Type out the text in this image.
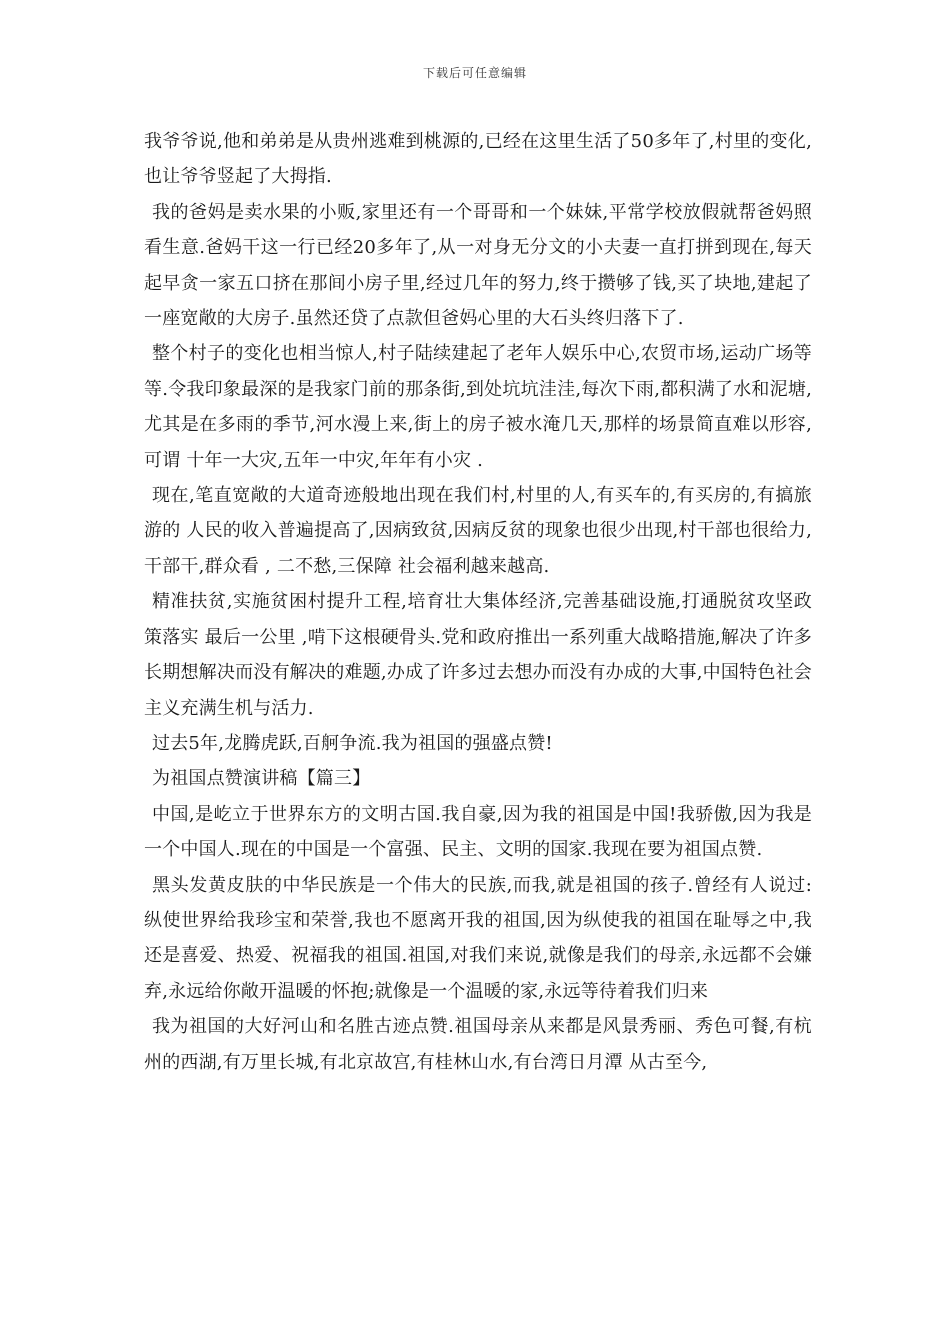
下载后可任意编辑

我爷爷说,他和弟弟是从贵州逃难到桃源的,已经在这里生活了50多年了,村里的变化,也让爷爷竖起了大拇指.

我的爸妈是卖水果的小贩,家里还有一个哥哥和一个妹妹,平常学校放假就帮爸妈照看生意.爸妈干这一行已经20多年了,从一对身无分文的小夫妻一直打拼到现在,每天起早贪一家五口挤在那间小房子里,经过几年的努力,终于攒够了钱,买了块地,建起了一座宽敞的大房子.虽然还贷了点款但爸妈心里的大石头终归落下了.

整个村子的变化也相当惊人,村子陆续建起了老年人娱乐中心,农贸市场,运动广场等等.令我印象最深的是我家门前的那条街,到处坑坑洼洼,每次下雨,都积满了水和泥塘,尤其是在多雨的季节,河水漫上来,街上的房子被水淹几天,那样的场景简直难以形容,可谓 十年一大灾,五年一中灾,年年有小灾 .

现在,笔直宽敞的大道奇迹般地出现在我们村,村里的人,有买车的,有买房的,有搞旅游的 人民的收入普遍提高了,因病致贫,因病反贫的现象也很少出现,村干部也很给力, 干部干,群众看 , 二不愁,三保障 社会福利越来越高.

精准扶贫,实施贫困村提升工程,培育壮大集体经济,完善基础设施,打通脱贫攻坚政策落实 最后一公里 ,啃下这根硬骨头.党和政府推出一系列重大战略措施,解决了许多长期想解决而没有解决的难题,办成了许多过去想办而没有办成的大事,中国特色社会主义充满生机与活力.

过去5年,龙腾虎跃,百舸争流.我为祖国的强盛点赞!

为祖国点赞演讲稿【篇三】

中国,是屹立于世界东方的文明古国.我自豪,因为我的祖国是中国!我骄傲,因为我是一个中国人.现在的中国是一个富强、民主、文明的国家.我现在要为祖国点赞.

黑头发黄皮肤的中华民族是一个伟大的民族,而我,就是祖国的孩子.曾经有人说过:纵使世界给我珍宝和荣誉,我也不愿离开我的祖国,因为纵使我的祖国在耻辱之中,我还是喜爱、热爱、祝福我的祖国.祖国,对我们来说,就像是我们的母亲,永远都不会嫌弃,永远给你敞开温暖的怀抱;就像是一个温暖的家,永远等待着我们归来

我为祖国的大好河山和名胜古迹点赞.祖国母亲从来都是风景秀丽、秀色可餐,有杭州的西湖,有万里长城,有北京故宫,有桂林山水,有台湾日月潭 从古至今,
